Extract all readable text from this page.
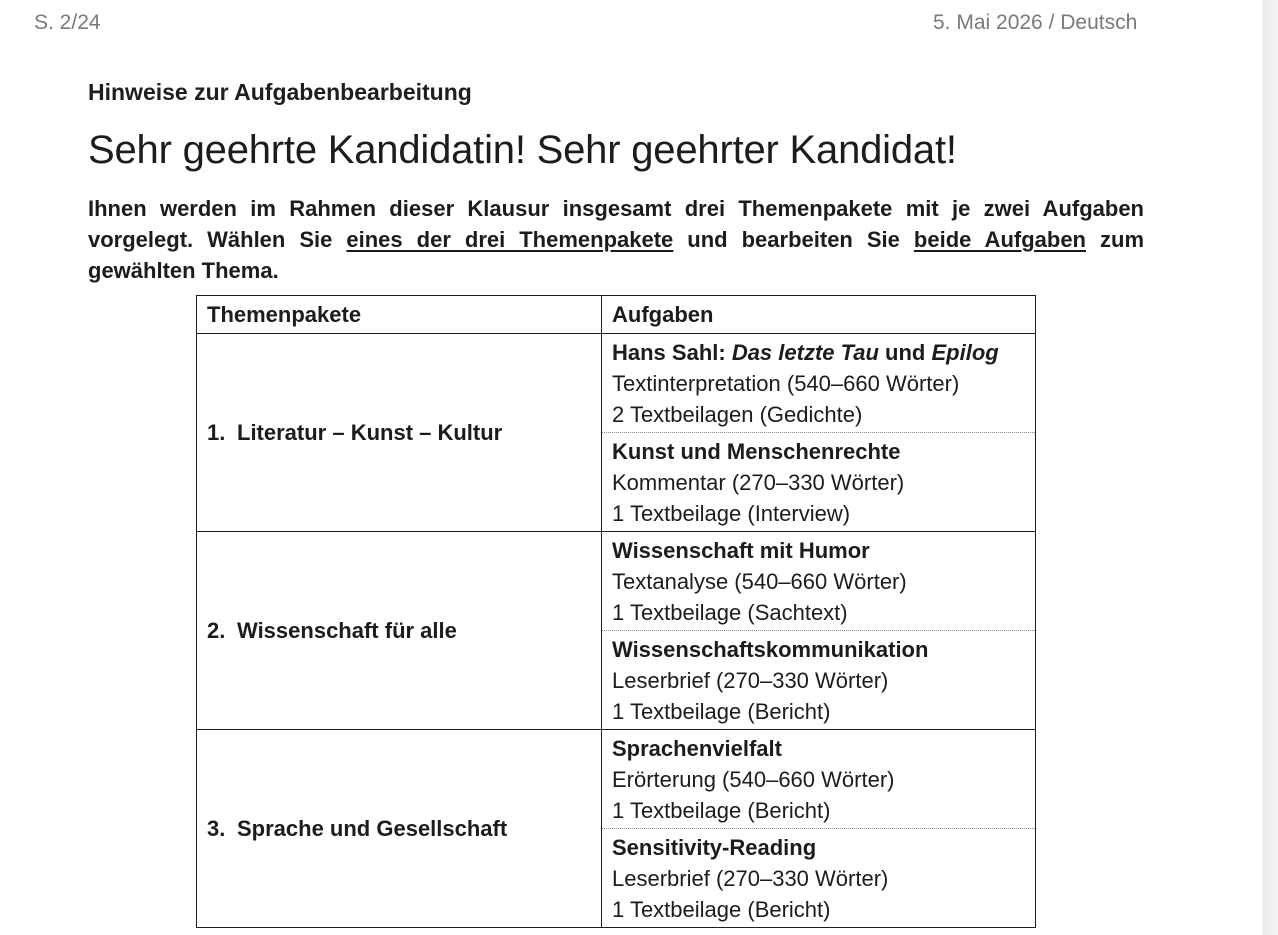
S. 2/24	5. Mai 2026 / Deutsch
Hinweise zur Aufgabenbearbeitung
Sehr geehrte Kandidatin! Sehr geehrter Kandidat!
Ihnen werden im Rahmen dieser Klausur insgesamt drei Themenpakete mit je zwei Aufgaben vorgelegt. Wählen Sie eines der drei Themenpakete und bearbeiten Sie beide Aufgaben zum gewählten Thema.
Themenpakete	Aufgaben
1. Literatur – Kunst – Kultur	Hans Sahl: Das letzte Tau und Epilog
Textinterpretation (540–660 Wörter)
2 Textbeilagen (Gedichte)

	Kunst und Menschenrechte
Kommentar (270–330 Wörter)
1 Textbeilage (Interview)

2. Wissenschaft für alle	Wissenschaft mit Humor
Textanalyse (540–660 Wörter)
1 Textbeilage (Sachtext)

	Wissenschaftskommunikation
Leserbrief (270–330 Wörter)
1 Textbeilage (Bericht)

3. Sprache und Gesellschaft	Sprachenvielfalt
Erörterung (540–660 Wörter)
1 Textbeilage (Bericht)

	Sensitivity-Reading
Leserbrief (270–330 Wörter)
1 Textbeilage (Bericht)
